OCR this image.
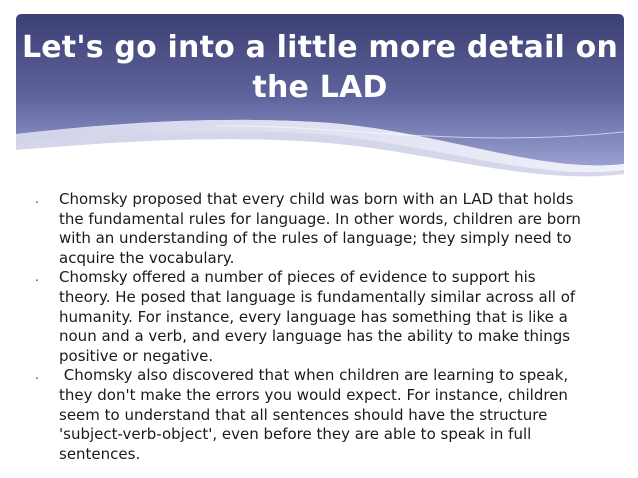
Let's go into a little more detail on the LAD
. Chomsky proposed that every child was born with an LAD that holds the fundamental rules for language. In other words, children are born with an understanding of the rules of language; they simply need to acquire the vocabulary.
. Chomsky offered a number of pieces of evidence to support his theory. He posed that language is fundamentally similar across all of humanity. For instance, every language has something that is like a noun and a verb, and every language has the ability to make things positive or negative.
. Chomsky also discovered that when children are learning to speak, they don't make the errors you would expect. For instance, children seem to understand that all sentences should have the structure 'subject-verb-object', even before they are able to speak in full sentences.
